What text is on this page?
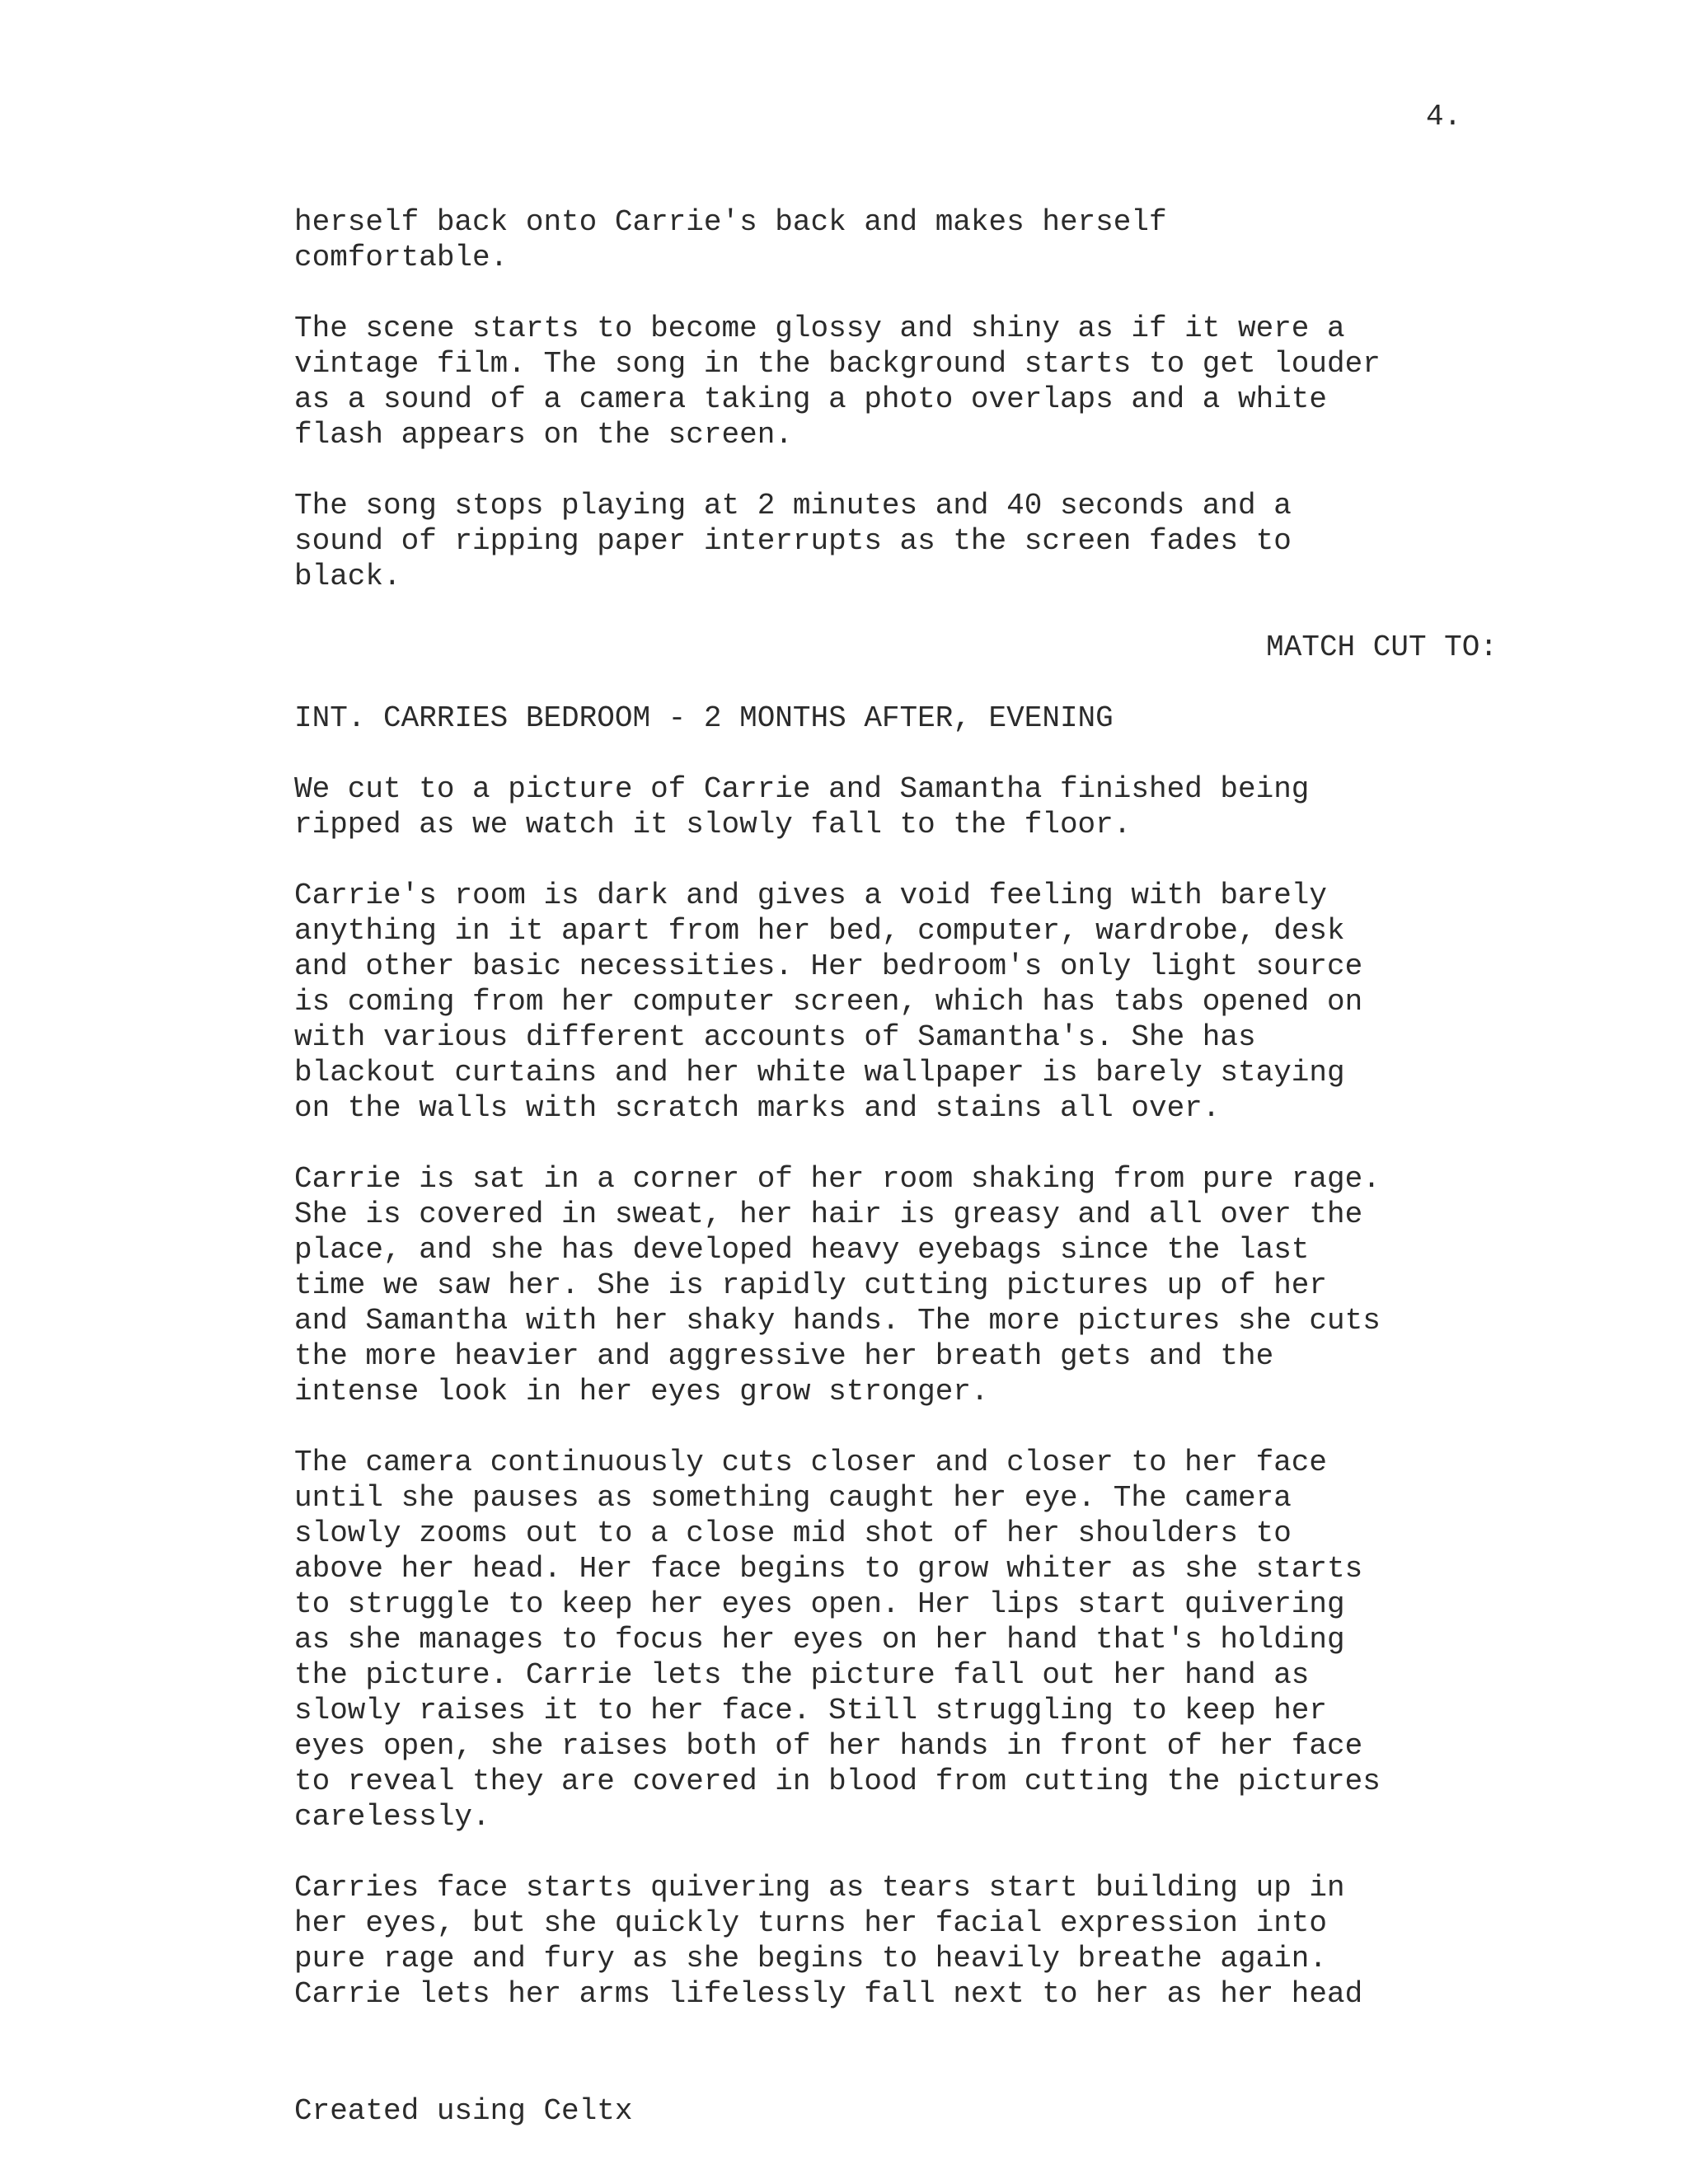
4.
herself back onto Carrie's back and makes herself
comfortable.
The scene starts to become glossy and shiny as if it were a
vintage film. The song in the background starts to get louder
as a sound of a camera taking a photo overlaps and a white
flash appears on the screen.
The song stops playing at 2 minutes and 40 seconds and a
sound of ripping paper interrupts as the screen fades to
black.
MATCH CUT TO:
INT. CARRIES BEDROOM - 2 MONTHS AFTER, EVENING
We cut to a picture of Carrie and Samantha finished being
ripped as we watch it slowly fall to the floor.
Carrie's room is dark and gives a void feeling with barely
anything in it apart from her bed, computer, wardrobe, desk
and other basic necessities. Her bedroom's only light source
is coming from her computer screen, which has tabs opened on
with various different accounts of Samantha's. She has
blackout curtains and her white wallpaper is barely staying
on the walls with scratch marks and stains all over.
Carrie is sat in a corner of her room shaking from pure rage.
She is covered in sweat, her hair is greasy and all over the
place, and she has developed heavy eyebags since the last
time we saw her. She is rapidly cutting pictures up of her
and Samantha with her shaky hands. The more pictures she cuts
the more heavier and aggressive her breath gets and the
intense look in her eyes grow stronger.
The camera continuously cuts closer and closer to her face
until she pauses as something caught her eye. The camera
slowly zooms out to a close mid shot of her shoulders to
above her head. Her face begins to grow whiter as she starts
to struggle to keep her eyes open. Her lips start quivering
as she manages to focus her eyes on her hand that's holding
the picture. Carrie lets the picture fall out her hand as
slowly raises it to her face. Still struggling to keep her
eyes open, she raises both of her hands in front of her face
to reveal they are covered in blood from cutting the pictures
carelessly.
Carries face starts quivering as tears start building up in
her eyes, but she quickly turns her facial expression into
pure rage and fury as she begins to heavily breathe again.
Carrie lets her arms lifelessly fall next to her as her head
Created using Celtx
